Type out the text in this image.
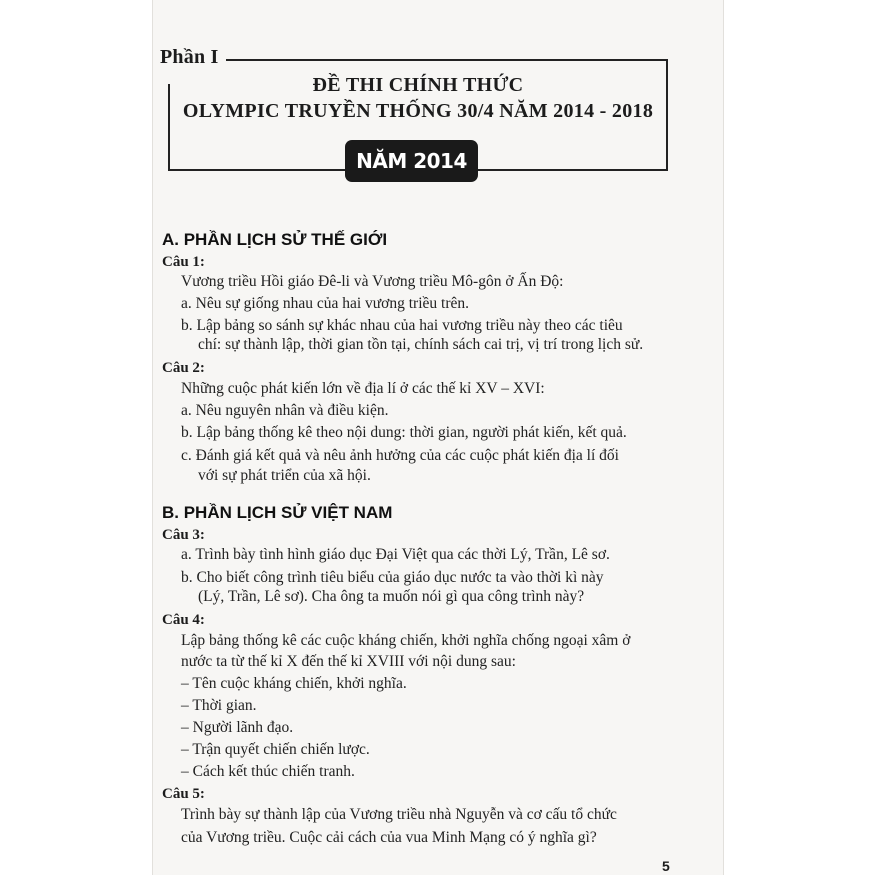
Phần I
ĐỀ THI CHÍNH THỨC
OLYMPIC TRUYỀN THỐNG 30/4 NĂM 2014 - 2018
NĂM 2014
A. PHẦN LỊCH SỬ THẾ GIỚI
Câu 1:
Vương triều Hồi giáo Đê-li và Vương triều Mô-gôn ở Ấn Độ:
a. Nêu sự giống nhau của hai vương triều trên.
b. Lập bảng so sánh sự khác nhau của hai vương triều này theo các tiêu
chí: sự thành lập, thời gian tồn tại, chính sách cai trị, vị trí trong lịch sử.
Câu 2:
Những cuộc phát kiến lớn về địa lí ở các thế kỉ XV – XVI:
a. Nêu nguyên nhân và điều kiện.
b. Lập bảng thống kê theo nội dung: thời gian, người phát kiến, kết quả.
c. Đánh giá kết quả và nêu ảnh hưởng của các cuộc phát kiến địa lí đối
với sự phát triển của xã hội.
B. PHẦN LỊCH SỬ VIỆT NAM
Câu 3:
a. Trình bày tình hình giáo dục Đại Việt qua các thời Lý, Trần, Lê sơ.
b. Cho biết công trình tiêu biểu của giáo dục nước ta vào thời kì này
(Lý, Trần, Lê sơ). Cha ông ta muốn nói gì qua công trình này?
Câu 4:
Lập bảng thống kê các cuộc kháng chiến, khởi nghĩa chống ngoại xâm ở
nước ta từ thế kỉ X đến thế kỉ XVIII với nội dung sau:
– Tên cuộc kháng chiến, khởi nghĩa.
– Thời gian.
– Người lãnh đạo.
– Trận quyết chiến chiến lược.
– Cách kết thúc chiến tranh.
Câu 5:
Trình bày sự thành lập của Vương triều nhà Nguyễn và cơ cấu tổ chức
của Vương triều. Cuộc cải cách của vua Minh Mạng có ý nghĩa gì?
5
